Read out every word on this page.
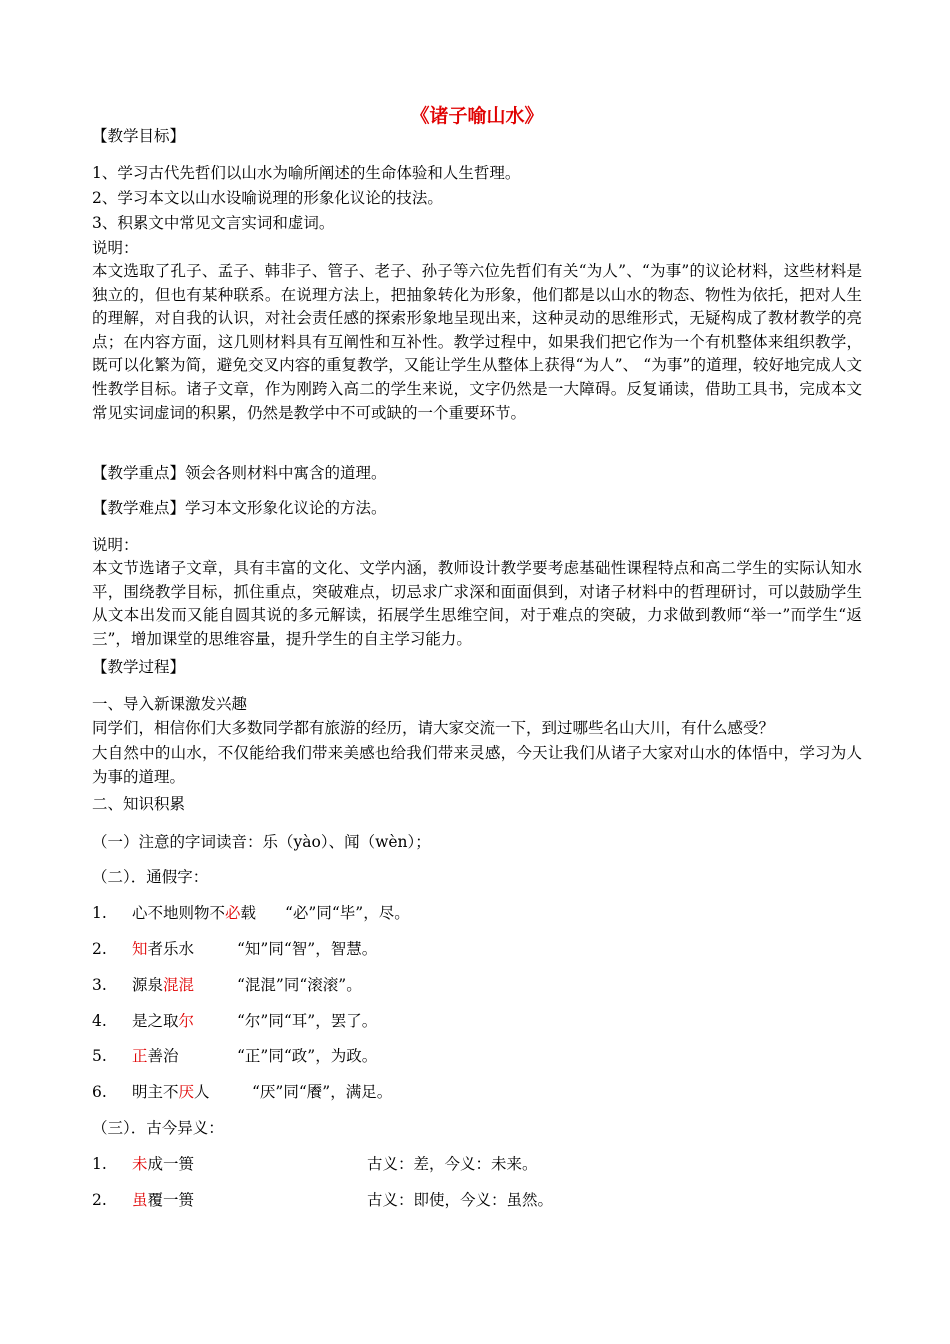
《诸子喻山水》
【教学目标】
1、学习古代先哲们以山水为喻所阐述的生命体验和人生哲理。
2、学习本文以山水设喻说理的形象化议论的技法。
3、积累文中常见文言实词和虚词。
说明：
本文选取了孔子、孟子、韩非子、管子、老子、孙子等六位先哲们有关“为人”、“为事”的议论材料，这些材料是独立的，但也有某种联系。在说理方法上，把抽象转化为形象，他们都是以山水的物态、物性为依托，把对人生的理解，对自我的认识，对社会责任感的探索形象地呈现出来，这种灵动的思维形式，无疑构成了教材教学的亮点；在内容方面，这几则材料具有互阐性和互补性。教学过程中，如果我们把它作为一个有机整体来组织教学，既可以化繁为简，避免交叉内容的重复教学，又能让学生从整体上获得“为人”、 “为事”的道理，较好地完成人文性教学目标。诸子文章，作为刚跨入高二的学生来说，文字仍然是一大障碍。反复诵读，借助工具书，完成本文常见实词虚词的积累，仍然是教学中不可或缺的一个重要环节。
【教学重点】领会各则材料中寓含的道理。
【教学难点】学习本文形象化议论的方法。
说明：
本文节选诸子文章，具有丰富的文化、文学内涵，教师设计教学要考虑基础性课程特点和高二学生的实际认知水平，围绕教学目标，抓住重点，突破难点，切忌求广求深和面面俱到，对诸子材料中的哲理研讨，可以鼓励学生从文本出发而又能自圆其说的多元解读，拓展学生思维空间，对于难点的突破，力求做到教师“举一”而学生“返三”，增加课堂的思维容量，提升学生的自主学习能力。
【教学过程】
一、导入新课激发兴趣
同学们，相信你们大多数同学都有旅游的经历，请大家交流一下，到过哪些名山大川，有什么感受？
大自然中的山水，不仅能给我们带来美感也给我们带来灵感，今天让我们从诸子大家对山水的体悟中，学习为人为事的道理。
二、知识积累
（一）注意的字词读音：乐（yào）、闻（wèn）；
（二）．通假字：
1. 心不地则物不必载 “必”同“毕”，尽。
2. 知者乐水	“知”同“智”，智慧。
3. 源泉混混	“混混”同“滚滚”。
4. 是之取尔	“尔”同“耳”，罢了。
5. 正善治	“正”同“政”，为政。
6. 明主不厌人	“厌”同“餍”，满足。
（三）．古今异义：
1. 未成一篑	古义：差，今义：未来。
2. 虽覆一篑	古义：即使，今义：虽然。
